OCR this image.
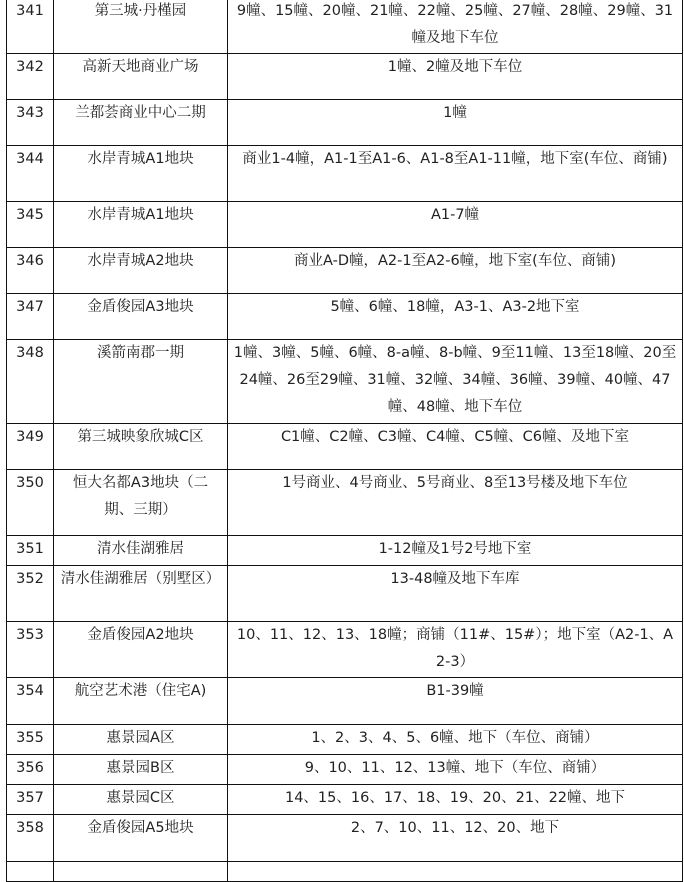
341	第三城·丹槿园	9幢、15幢、20幢、21幢、22幢、25幢、27幢、28幢、29幢、31幢及地下车位
342	高新天地商业广场	1幢、2幢及地下车位
343	兰都荟商业中心二期	1幢
344	水岸青城A1地块	商业1-4幢，A1-1至A1-6、A1-8至A1-11幢，地下室(车位、商铺)
345	水岸青城A1地块	A1-7幢
346	水岸青城A2地块	商业A-D幢，A2-1至A2-6幢，地下室(车位、商铺)
347	金盾俊园A3地块	5幢、6幢、18幢，A3-1、A3-2地下室
348	溪箭南郡一期	1幢、3幢、5幢、6幢、8-a幢、8-b幢、9至11幢、13至18幢、20至24幢、26至29幢、31幢、32幢、34幢、36幢、39幢、40幢、47幢、48幢、地下车位
349	第三城映象欣城C区	C1幢、C2幢、C3幢、C4幢、C5幢、C6幢、及地下室
350	恒大名都A3地块（二期、三期）	1号商业、4号商业、5号商业、8至13号楼及地下车位
351	清水佳湖雅居	1-12幢及1号2号地下室
352	清水佳湖雅居（别墅区）	13-48幢及地下车库
353	金盾俊园A2地块	10、11、12、13、18幢；商铺（11#、15#）；地下室（A2-1、A2-3）
354	航空艺术港（住宅A)	B1-39幢
355	惠景园A区	1、2、3、4、5、6幢、地下（车位、商铺）
356	惠景园B区	9、10、11、12、13幢、地下（车位、商铺）
357	惠景园C区	14、15、16、17、18、19、20、21、22幢、地下
358	金盾俊园A5地块	2、7、10、11、12、20、地下
